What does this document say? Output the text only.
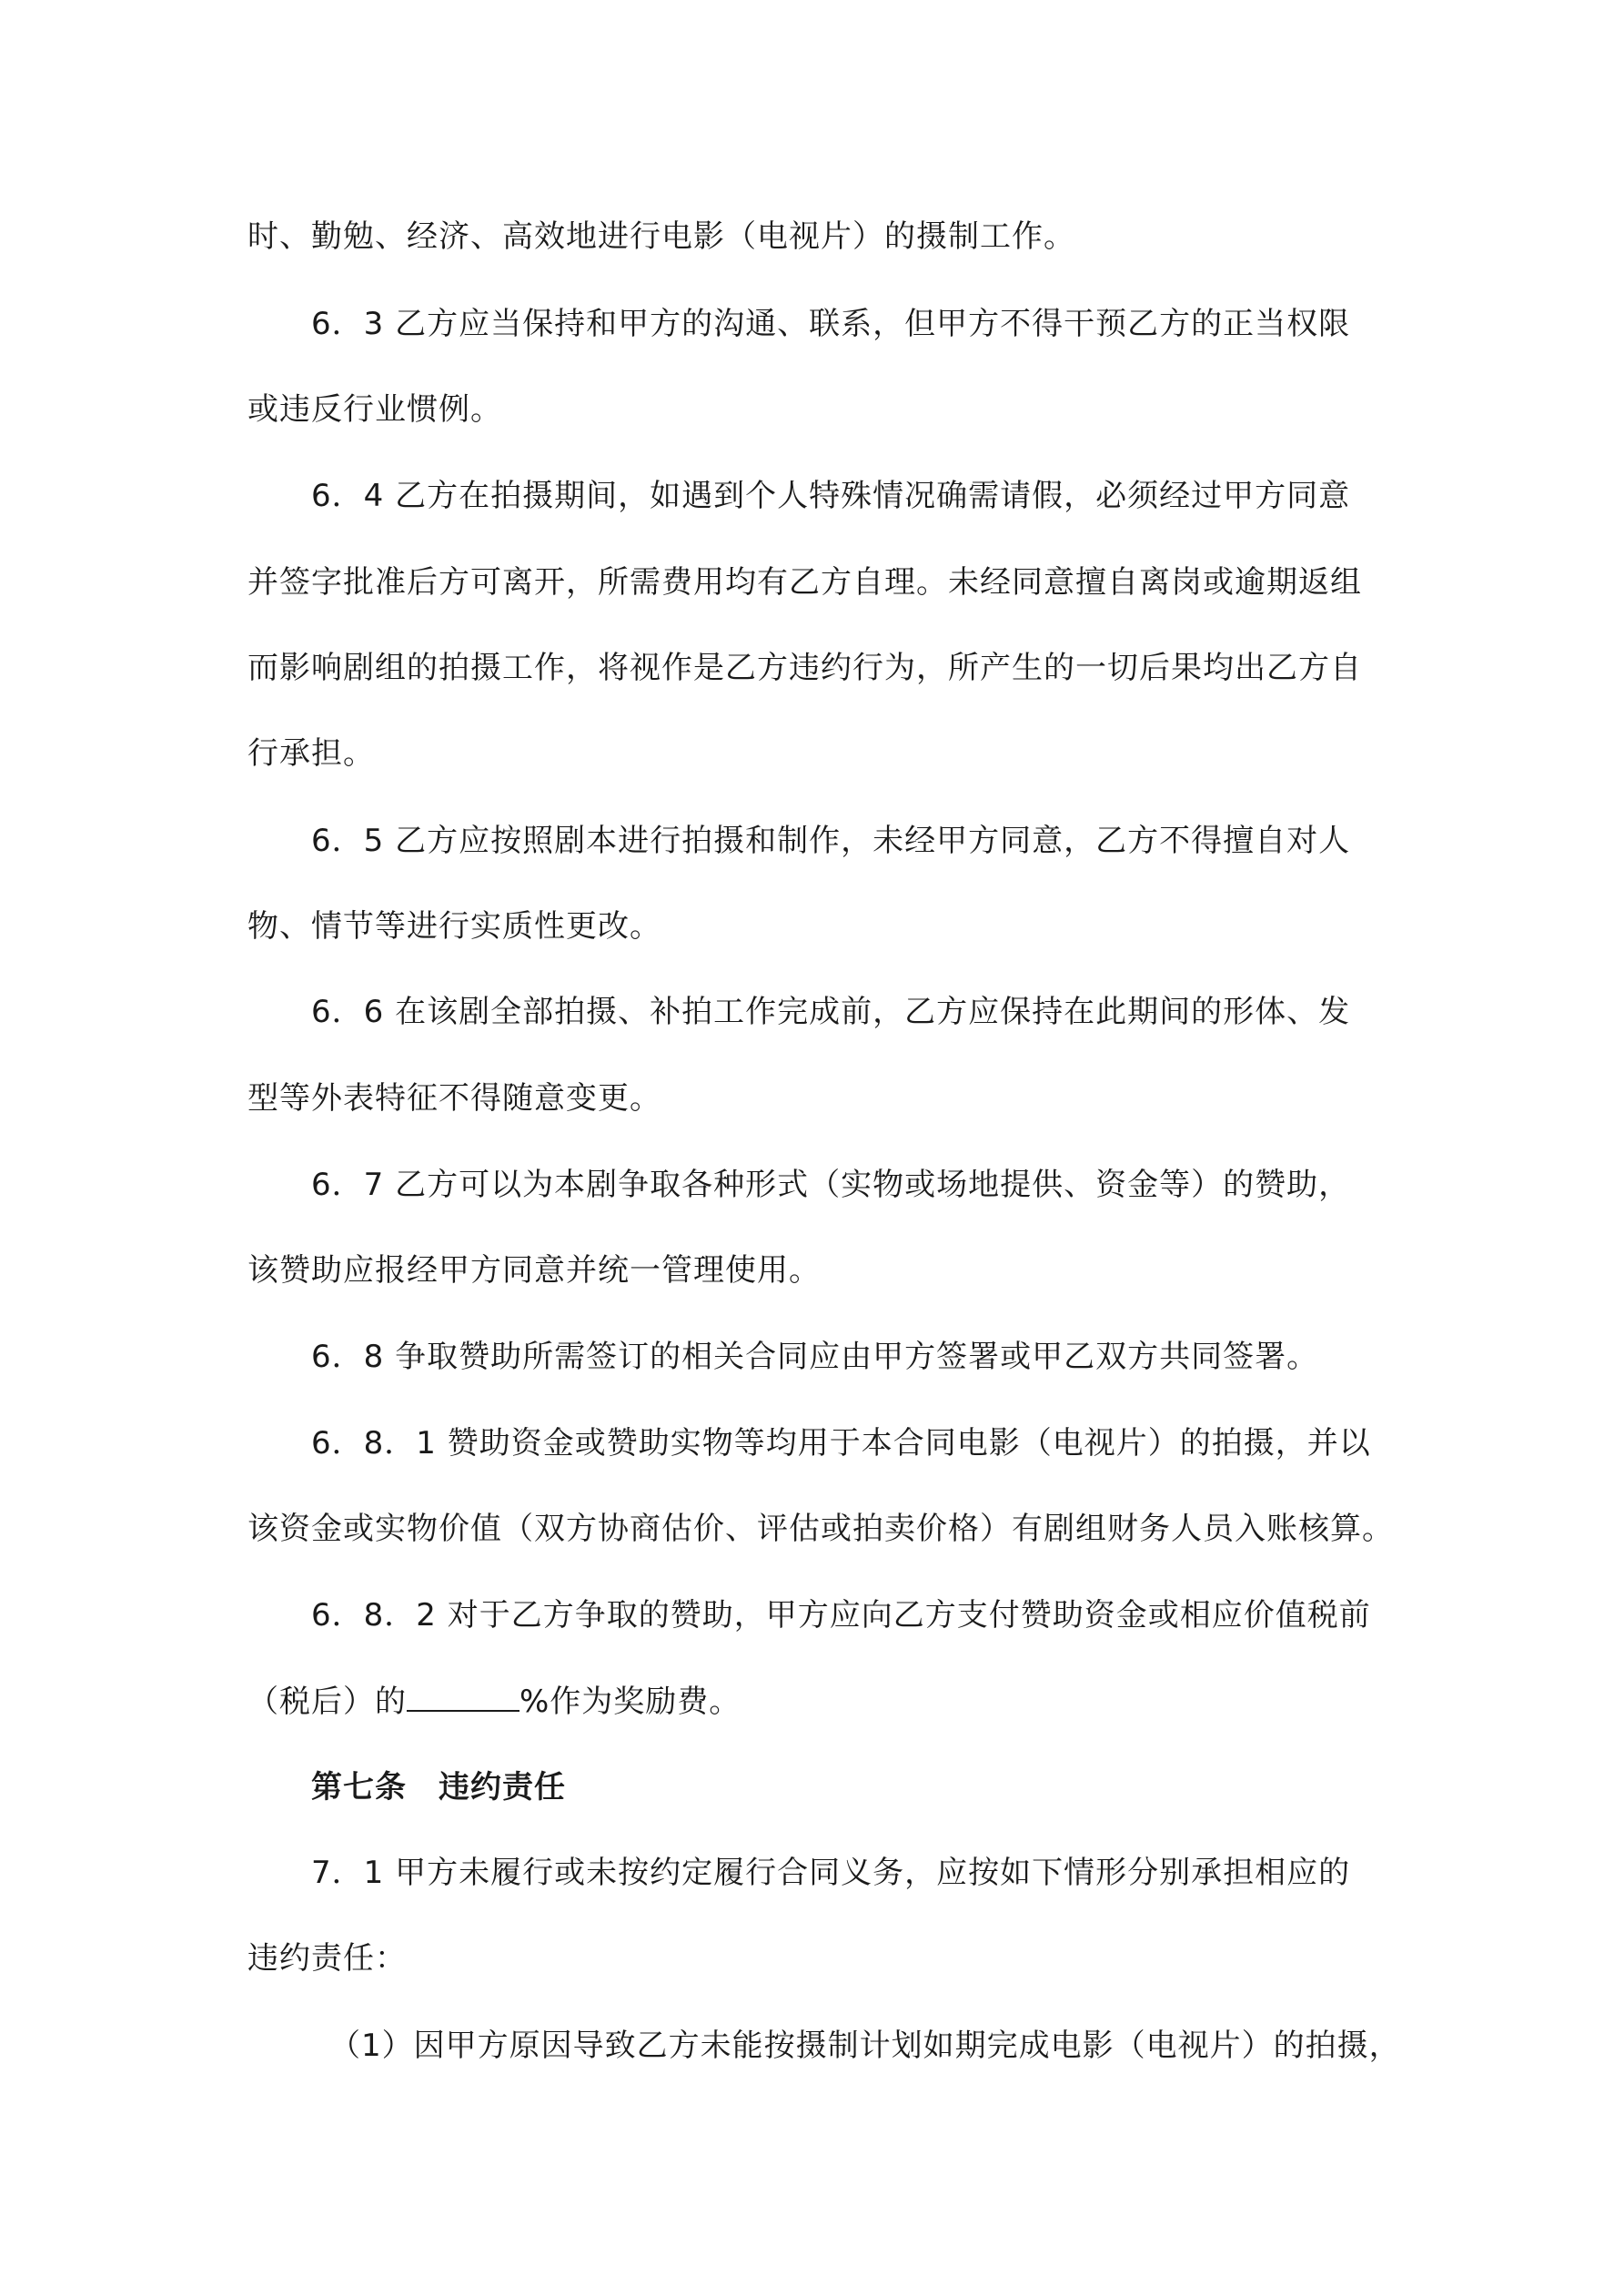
时、勤勉、经济、高效地进行电影（电视片）的摄制工作。
6．3 乙方应当保持和甲方的沟通、联系，但甲方不得干预乙方的正当权限
或违反行业惯例。
6．4 乙方在拍摄期间，如遇到个人特殊情况确需请假，必须经过甲方同意
并签字批准后方可离开，所需费用均有乙方自理。未经同意擅自离岗或逾期返组
而影响剧组的拍摄工作，将视作是乙方违约行为，所产生的一切后果均出乙方自
行承担。
6．5 乙方应按照剧本进行拍摄和制作，未经甲方同意，乙方不得擅自对人
物、情节等进行实质性更改。
6．6 在该剧全部拍摄、补拍工作完成前，乙方应保持在此期间的形体、发
型等外表特征不得随意变更。
6．7 乙方可以为本剧争取各种形式（实物或场地提供、资金等）的赞助，
该赞助应报经甲方同意并统一管理使用。
6．8 争取赞助所需签订的相关合同应由甲方签署或甲乙双方共同签署。
6．8．1 赞助资金或赞助实物等均用于本合同电影（电视片）的拍摄，并以
该资金或实物价值（双方协商估价、评估或拍卖价格）有剧组财务人员入账核算。
6．8．2 对于乙方争取的赞助，甲方应向乙方支付赞助资金或相应价值税前
（税后）的	%作为奖励费。
第七条　违约责任
7．1 甲方未履行或未按约定履行合同义务，应按如下情形分别承担相应的
违约责任：
（1）因甲方原因导致乙方未能按摄制计划如期完成电影（电视片）的拍摄，
